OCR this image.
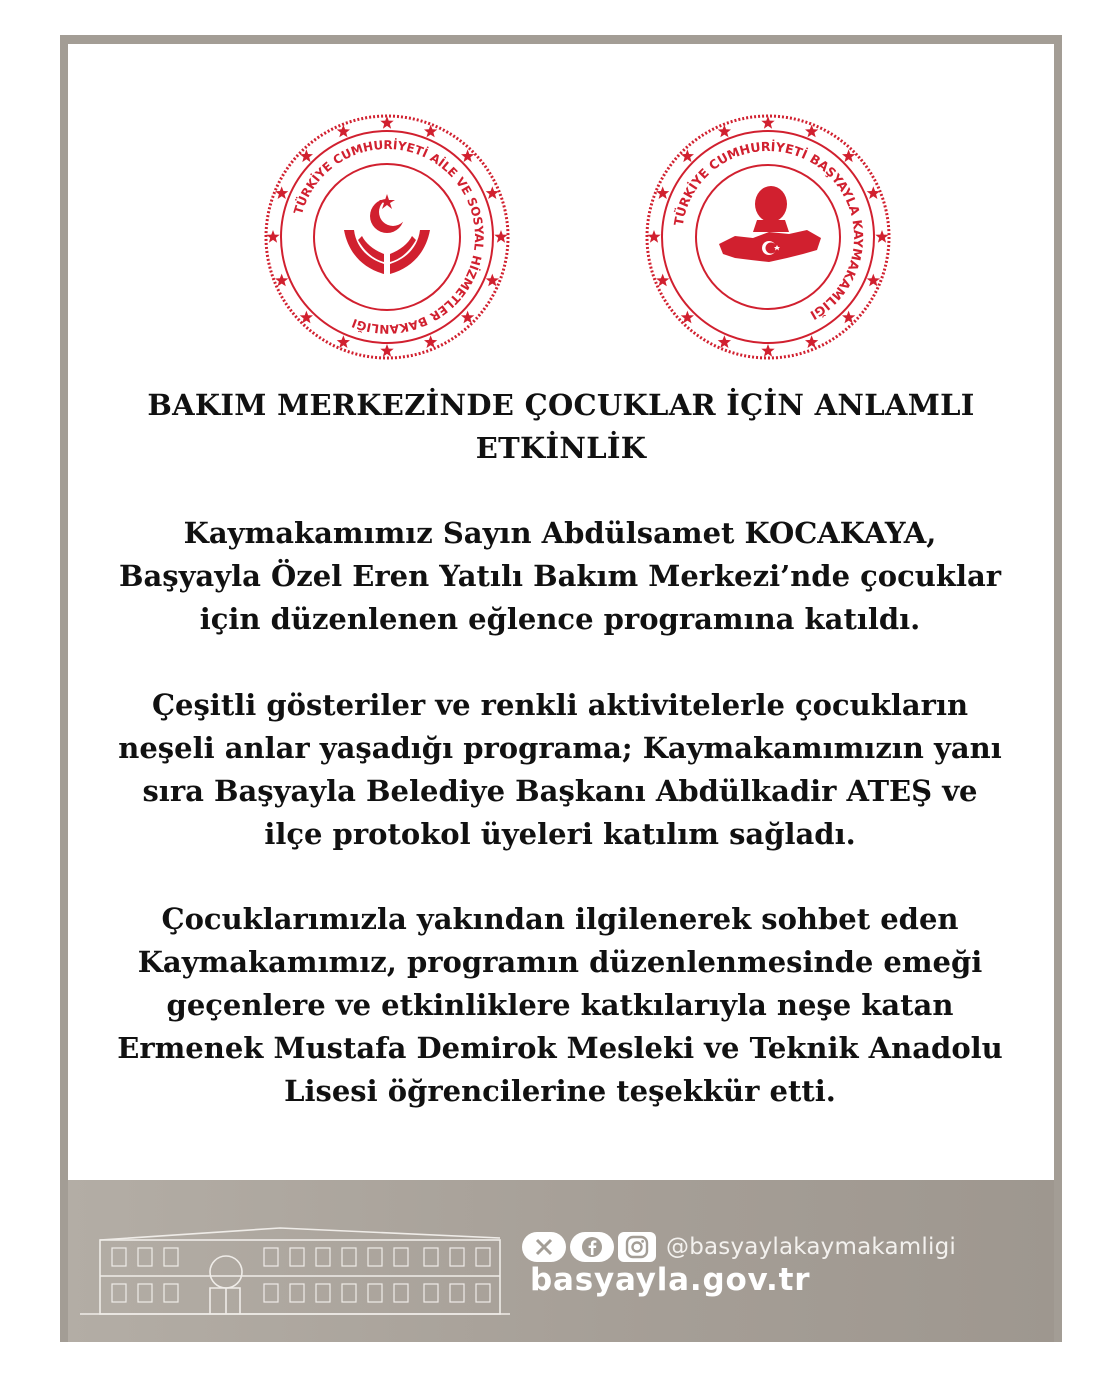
TÜRKİYE CUMHURİYETİ AİLE VE SOSYAL HİZMETLER BAKANLIĞI
TÜRKİYE CUMHURİYETİ BAŞYAYLA KAYMAKAMLIĞI
BAKIM MERKEZİNDE ÇOCUKLAR İÇİN ANLAMLI
ETKİNLİK
Kaymakamımız Sayın Abdülsamet KOCAKAYA,
Başyayla Özel Eren Yatılı Bakım Merkezi’nde çocuklar
için düzenlenen eğlence programına katıldı.
Çeşitli gösteriler ve renkli aktivitelerle çocukların
neşeli anlar yaşadığı programa; Kaymakamımızın yanı
sıra Başyayla Belediye Başkanı Abdülkadir ATEŞ ve
ilçe protokol üyeleri katılım sağladı.
Çocuklarımızla yakından ilgilenerek sohbet eden
Kaymakamımız, programın düzenlenmesinde emeği
geçenlere ve etkinliklere katkılarıyla neşe katan
Ermenek Mustafa Demirok Mesleki ve Teknik Anadolu
Lisesi öğrencilerine teşekkür etti.
@basyaylakaymakamligi
basyayla.gov.tr
